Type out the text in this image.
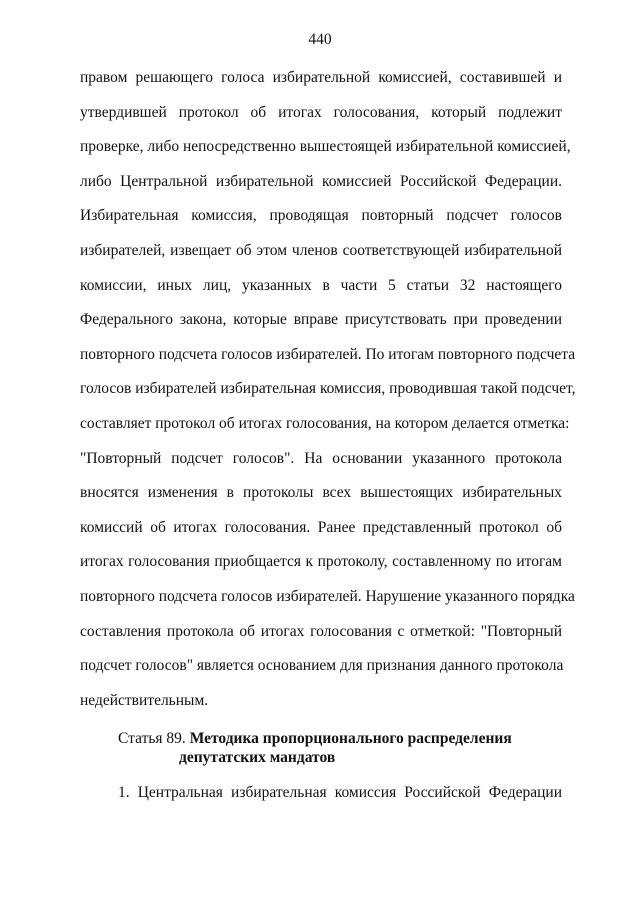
440
правом решающего голоса избирательной комиссией, составившей и
утвердившей протокол об итогах голосования, который подлежит
проверке, либо непосредственно вышестоящей избирательной комиссией,
либо Центральной избирательной комиссией Российской Федерации.
Избирательная комиссия, проводящая повторный подсчет голосов
избирателей, извещает об этом членов соответствующей избирательной
комиссии, иных лиц, указанных в части 5 статьи 32 настоящего
Федерального закона, которые вправе присутствовать при проведении
повторного подсчета голосов избирателей. По итогам повторного подсчета
голосов избирателей избирательная комиссия, проводившая такой подсчет,
составляет протокол об итогах голосования, на котором делается отметка:
"Повторный подсчет голосов". На основании указанного протокола
вносятся изменения в протоколы всех вышестоящих избирательных
комиссий об итогах голосования. Ранее представленный протокол об
итогах голосования приобщается к протоколу, составленному по итогам
повторного подсчета голосов избирателей. Нарушение указанного порядка
составления протокола об итогах голосования с отметкой: "Повторный
подсчет голосов" является основанием для признания данного протокола
недействительным.
Статья 89. Методика пропорционального распределения
депутатских мандатов
1. Центральная избирательная комиссия Российской Федерации
